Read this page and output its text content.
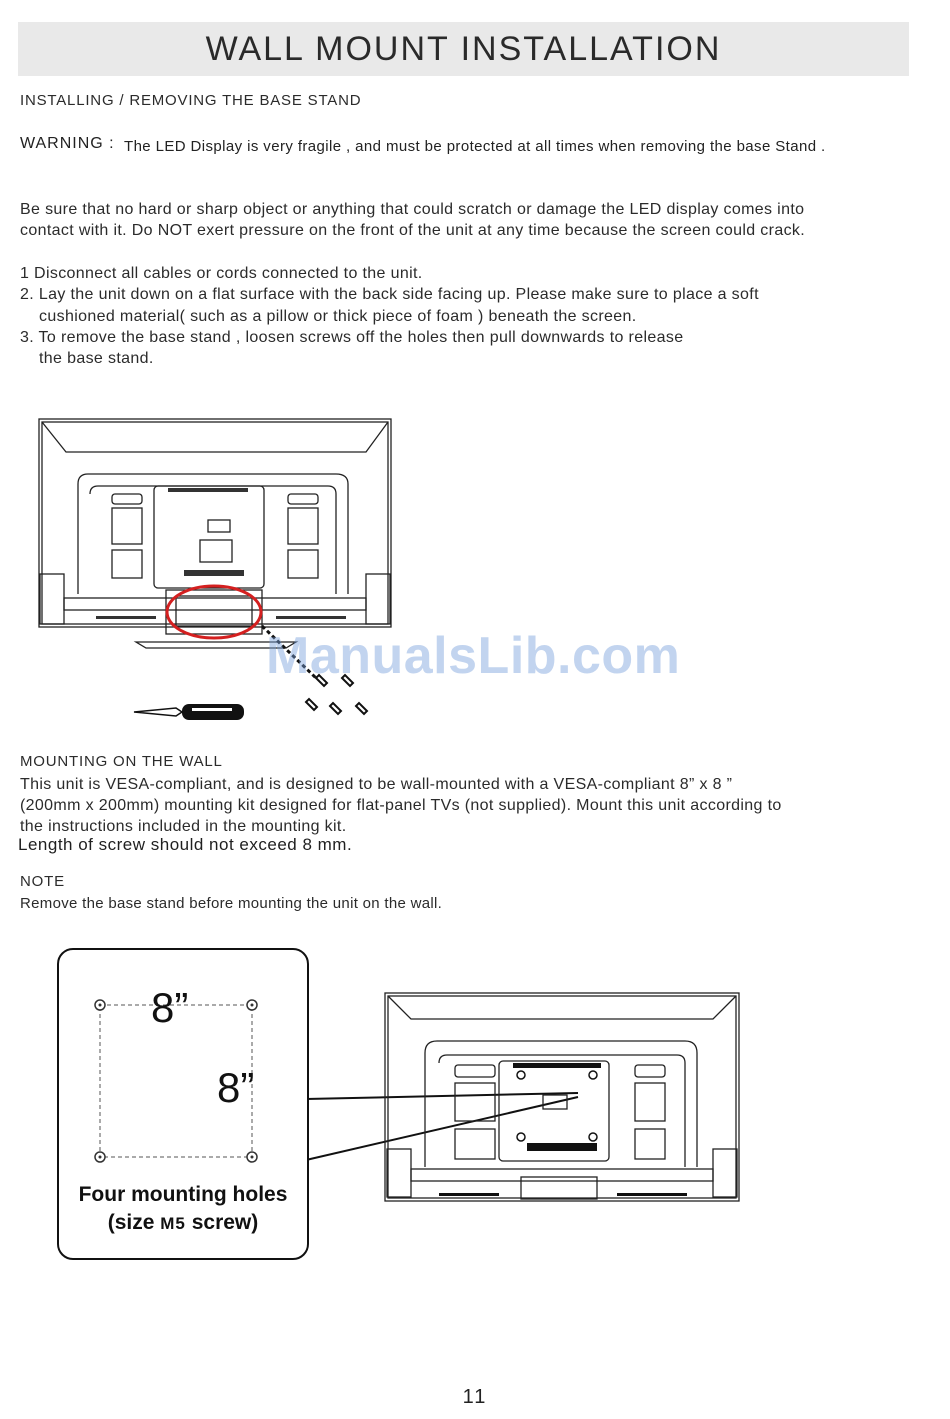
WALL MOUNT INSTALLATION
INSTALLING / REMOVING THE BASE STAND
WARNING : The LED Display is very fragile , and must be protected at all times when removing the base Stand .
Be sure that no hard or sharp object or anything that could scratch or damage the LED display comes into
contact with it. Do NOT exert pressure on the front of the unit at any time because the screen could crack.
1 Disconnect all cables or cords connected to the unit.
2. Lay the unit down on a flat surface with the back side facing up. Please make sure to place a soft
cushioned material( such as a pillow or thick piece of foam ) beneath the screen.
3. To remove the base stand , loosen screws off the holes then pull downwards to release
the base stand.
ManualsLib.com
MOUNTING ON THE WALL
This unit is VESA-compliant, and is designed to be wall-mounted with a VESA-compliant 8” x 8 ”
(200mm x 200mm) mounting kit designed for flat-panel TVs (not supplied). Mount this unit according to
the instructions included in the mounting kit.
Length of screw should not exceed 8 mm.
NOTE
Remove the base stand before mounting the unit on the wall.
8”
8”
Four mounting holes
(size M5 screw)
11
